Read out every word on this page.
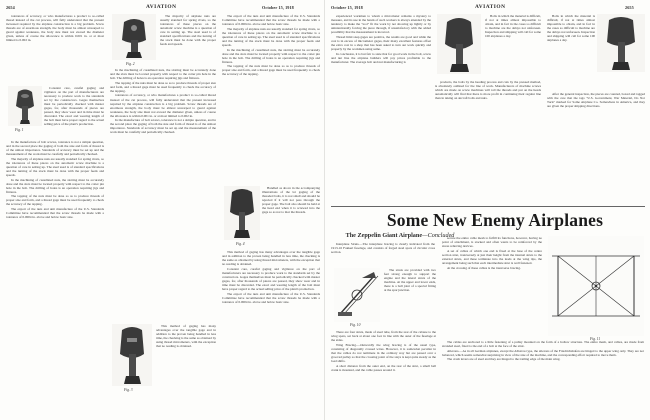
2654	AVIATION	October 15, 1918

tolerances of accuracy, or who manufactures a product to so-called thread instead of the cut process, will fully understand that the present increased required by the airplane construction is a big problem. Screw threads are of enormous strength, the body must be almost unwarped to guard against weakness, the body size must not exceed the diameter given, unless of course the allowance is within 0.001 in. or at most limited to 0.002 in.

Fig. 1

Constant care, careful gaging and vigilance on the part of manufacturers are necessary to produce work to the standards set by the constructors. Gages themselves must be periodically checked with master gages, for, after thousands of pieces are passed, they show wear and in time must be discarded. The exact and wearing length of the bolt must have proper regard to the actual selling price of the plant's production.

In the manufacture of bolt screws, tolerance is not a simple question, and in the second place the gaging of both the size and form of thread is of the utmost importance. Standards of accuracy must be set up and the measurement of the work must be carefully and periodically checked.

The majority of airplane nuts are usually standard for spring rivets, so the tolerances of these pieces on the automatic screw machine is a question of care in setting up. The steel used is of standard specifications and the turning of the stock must be done with the proper feeds and speeds.

In the machining of castellated nuts, the slotting must be accurately done and the slots must be located properly with respect to the cotter pin hole in the bolt. The drilling of holes is an operation requiring jigs and fixtures.

The tapping of the nuts must be done so as to produce threads of proper size and form, and a thread gage must be used frequently to check the accuracy of the tapping.

The export of the nuts and unit manufacture of the U.S. Standards Committee have recommended that the screw threads be made with a tolerance of 0.0004 in. above and below basic size.

Fig. 2

The majority of airplane nuts are usually standard for spring rivets, so the tolerances of these pieces on the automatic screw machine is a question of care in setting up. The steel used is of standard specifications and the turning of the stock must be done with the proper feeds and speeds.

In the machining of castellated nuts, the slotting must be accurately done and the slots must be located properly with respect to the cotter pin hole in the bolt. The drilling of holes is an operation requiring jigs and fixtures.

The tapping of the nuts must be done so as to produce threads of proper size and form, and a thread gage must be used frequently to check the accuracy of the tapping.

tolerances of accuracy, or who manufactures a product to so-called thread instead of the cut process, will fully understand that the present increased required by the airplane construction is a big problem. Screw threads are of enormous strength, the body must be almost unwarped to guard against weakness, the body size must not exceed the diameter given, unless of course the allowance is within 0.001 in. or at most limited to 0.002 in.

In the manufacture of bolt screws, tolerance is not a simple question, and in the second place the gaging of both the size and form of thread is of the utmost importance. Standards of accuracy must be set up and the measurement of the work must be carefully and periodically checked.

Fig. 3

This method of gaging has many advantages over the tangible gage and in addition to the proven being handled in less time, the checking is the same as obtained by using thread micrometers, with the exception that no reading is obtained.

The export of the nuts and unit manufacture of the U.S. Standards Committee have recommended that the screw threads be made with a tolerance of 0.0004 in. above and below basic size.

The majority of airplane nuts are usually standard for spring rivets, so the tolerances of these pieces on the automatic screw machine is a question of care in setting up. The steel used is of standard specifications and the turning of the stock must be done with the proper feeds and speeds.

In the machining of castellated nuts, the slotting must be accurately done and the slots must be located properly with respect to the cotter pin hole in the bolt. The drilling of holes is an operation requiring jigs and fixtures.

The tapping of the nuts must be done so as to produce threads of proper size and form, and a thread gage must be used frequently to check the accuracy of the tapping.

Fig. 4

Handled as above in the accompanying illustrations of the lot gaging of the threaded bolts, it is not small and should be rejected if it will not pass through the proper gage. The bolt also should be held at the head end when it is screwed into the gage so as not to mar the threads.

This method of gaging has many advantages over the tangible gage and in addition to the proven being handled in less time, the checking is the same as obtained by using thread micrometers, with the exception that no reading is obtained.

Constant care, careful gaging and vigilance on the part of manufacturers are necessary to produce work to the standards set by the constructors. Gages themselves must be periodically checked with master gages, for, after thousands of pieces are passed, they show wear and in time must be discarded. The exact and wearing length of the bolt must have proper regard to the actual selling price of the plant's production.

The export of the nuts and unit manufacture of the U.S. Standards Committee have recommended that the screw threads be made with a tolerance of 0.0004 in. above and below basic size.

October 15, 1918	AVIATION	2655

experienced workmen to whom a micrometer remains a mystery to measure, and its use in the hands of such workers is always attended by the tendency to make the "tool" fit the work by not showing up lightly or by unintentionally forcing the piece through, if unsatisfactory with the added possibility that the measurement is incorrect.

Thread limit snap gages are positive, the results are good and while the cost is in excess of micrometer gages, their many excellent features offset the extra cost in a shop that has been asked to turn out work quickly and properly by the workmen using same.

In conclusion, it is but fair to state that for good work in the bolt, screw and nut line the airplane builders will pay prices profitable to the manufacturer. The average bolt and nut manufacturing is

Bolts in which the material is difficult, if not at times almost impossible to obtain, and in fact in the cases so difficult to machine are the delays not unforseen. Inspection and shipping will call for some 100 airplanes a day.

products, the bolts by the heading process and cuts by the pressed method, is absolutely outlined for the line of work. Manufacturers of machine screws which are made on screw machines will roll the threads and put on the heads automatically will find that there is more profit in continuing their regular line than in taking on aircraft bolts and nuts.

Bolts in which the material is difficult, if not at times almost impossible to obtain, and in fact in the cases so difficult to machine are the delays not unforseen. Inspection and shipping will call for some 100 airplanes a day.

After the general inspection, the pieces are counted, boxed and tagged with the care that the tags "U.S. Government, War Material, Do Not Tuck" marked for Some Airplane Co. Somewhere in America, and they are given the proper shipping directions.

Some New Enemy Airplanes
The Zeppelin Giant Airplane—Concluded

Interplane Struts.—The interplane bracing is clearly indicated from the 1913-16 Fokkert fuselage, and consists of forged steel spars of circular cross section.

Fig. 10

The struts are provided with two feet strong enough to support the engine and the lateral struts of the machine. At the upper and lower ends, there is a ball joint of a special fitting at the spar junction.

There are four struts, made of steel tube, from the rear of the cabane to the wing spars, set back at about one foot in line with the outer of the fuselage at the sides.

Wing Bracing.—Outwardly the wing bracing is of the usual type, consisting of diagonally crossed wires. However, it is somewhat peculiar in that the cables do not terminate in the ordinary way but are passed over a grooved pulley so that the crossing point of the stays is kept quite steady as the load shifts.

A short distance from the outer end, on the rear of the strut, a small bell crank is mounted, and the cable passes around it.

secure the entire cable mesh to fulfill its functions, however, having no point of attachment, is stacked and often wants to be reinforced by the stress relieving devices.

A set of cables of which one end is fixed at the base of the centre section strut, transversely at just their height from the internal struts to the external struts, and these terminate into the leads at the wing tips, the arrangement being such that each intermediate strut is well fastened.

At the crossing of these cables is the transverse bracing.

Fig. 11

The cables are anchored to a little fastening of a pulley mounted on the form of a hollow structure. The entire mesh, and cables, are made from stranded steel, fixed to the end of a bolt at the face of the strut.

Ailerons.—As in all German airplanes, except the Albatros type, the ailerons of the Friedrichshafen are hinged to the upper wing only. They are not balanced, which seems somewhat surprising in view of the size of the machine, and the corresponding effort required to move them.

The crash levers are of steel and they are hinged to the trailing edge of the main wing.
